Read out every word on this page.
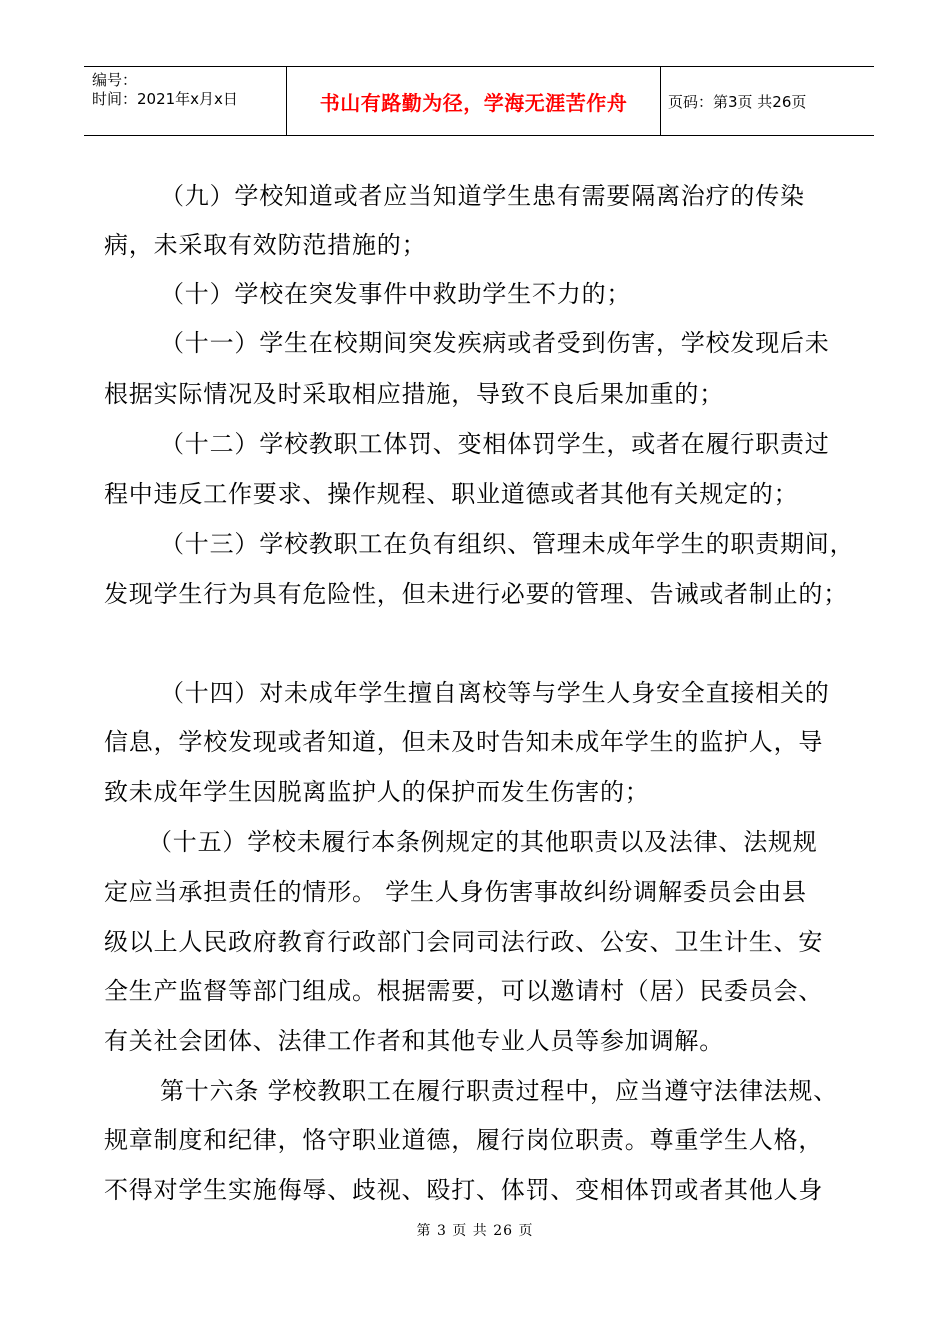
编号：
时间：2021年x月x日	书山有路勤为径，学海无涯苦作舟	页码：第3页 共26页
（九）学校知道或者应当知道学生患有需要隔离治疗的传染
病，未采取有效防范措施的；
（十）学校在突发事件中救助学生不力的；
（十一）学生在校期间突发疾病或者受到伤害，学校发现后未
根据实际情况及时采取相应措施，导致不良后果加重的；
（十二）学校教职工体罚、变相体罚学生，或者在履行职责过
程中违反工作要求、操作规程、职业道德或者其他有关规定的；
（十三）学校教职工在负有组织、管理未成年学生的职责期间，
发现学生行为具有危险性，但未进行必要的管理、告诫或者制止的；
（十四）对未成年学生擅自离校等与学生人身安全直接相关的
信息，学校发现或者知道，但未及时告知未成年学生的监护人，导
致未成年学生因脱离监护人的保护而发生伤害的；
（十五）学校未履行本条例规定的其他职责以及法律、法规规
定应当承担责任的情形。 学生人身伤害事故纠纷调解委员会由县
级以上人民政府教育行政部门会同司法行政、公安、卫生计生、安
全生产监督等部门组成。根据需要，可以邀请村（居）民委员会、
有关社会团体、法律工作者和其他专业人员等参加调解。
第十六条 学校教职工在履行职责过程中，应当遵守法律法规、
规章制度和纪律，恪守职业道德，履行岗位职责。尊重学生人格，
不得对学生实施侮辱、歧视、殴打、体罚、变相体罚或者其他人身
第 3 页 共 26 页
